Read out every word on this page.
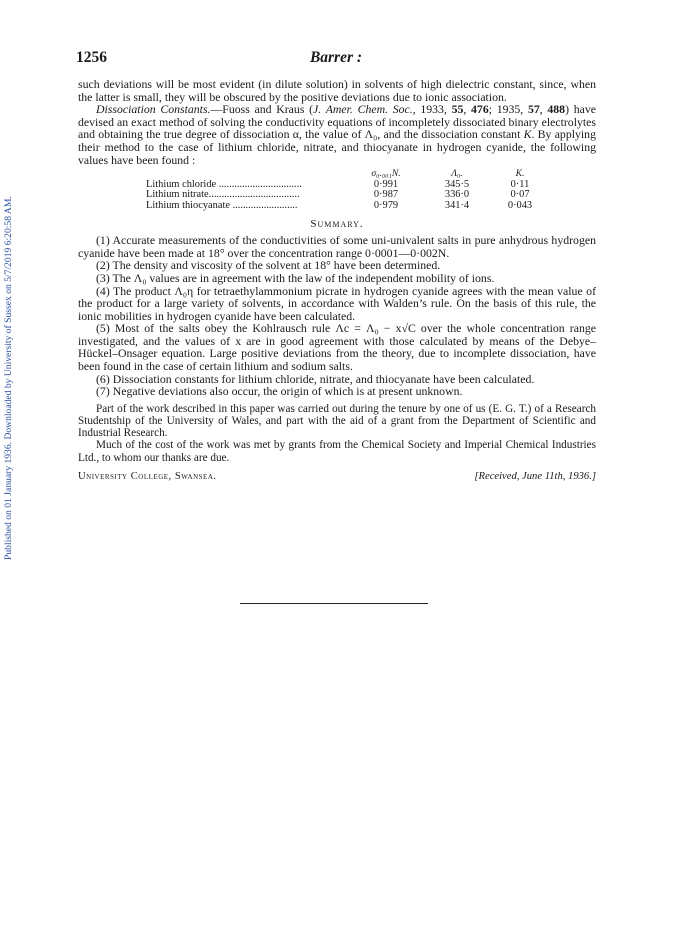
Published on 01 January 1936. Downloaded by University of Sussex on 5/7/2019 6:20:58 AM.
1256	Barrer :

such deviations will be most evident (in dilute solution) in solvents of high dielectric constant, since, when the latter is small, they will be obscured by the positive deviations due to ionic association.

Dissociation Constants.—Fuoss and Kraus (J. Amer. Chem. Soc., 1933, 55, 476; 1935, 57, 488) have devised an exact method of solving the conductivity equations of incompletely dissociated binary electrolytes and obtaining the true degree of dissociation α, the value of Λ₀, and the dissociation constant K. By applying their method to the case of lithium chloride, nitrate, and thiocyanate in hydrogen cyanide, the following values have been found :

	σ₀.₀₀₁N.	Λ₀.	K.
Lithium chloride ................................	0·991	345·5	0·11
Lithium nitrate...................................	0·987	336·0	0·07
Lithium thiocyanate .........................	0·979	341·4	0·043
Summary.

(1) Accurate measurements of the conductivities of some uni-univalent salts in pure anhydrous hydrogen cyanide have been made at 18° over the concentration range 0·0001—0·002N.

(2) The density and viscosity of the solvent at 18° have been determined.

(3) The Λ₀ values are in agreement with the law of the independent mobility of ions.

(4) The product Λ₀η for tetraethylammonium picrate in hydrogen cyanide agrees with the mean value of the product for a large variety of solvents, in accordance with Walden’s rule. On the basis of this rule, the ionic mobilities in hydrogen cyanide have been calculated.

(5) Most of the salts obey the Kohlrausch rule Λc = Λ₀ − x√C over the whole concentration range investigated, and the values of x are in good agreement with those calculated by means of the Debye–Hückel–Onsager equation. Large positive deviations from the theory, due to incomplete dissociation, have been found in the case of certain lithium and sodium salts.

(6) Dissociation constants for lithium chloride, nitrate, and thiocyanate have been calculated.

(7) Negative deviations also occur, the origin of which is at present unknown.

Part of the work described in this paper was carried out during the tenure by one of us (E. G. T.) of a Research Studentship of the University of Wales, and part with the aid of a grant from the Department of Scientific and Industrial Research.

Much of the cost of the work was met by grants from the Chemical Society and Imperial Chemical Industries Ltd., to whom our thanks are due.

University College, Swansea.	[Received, June 11th, 1936.]
